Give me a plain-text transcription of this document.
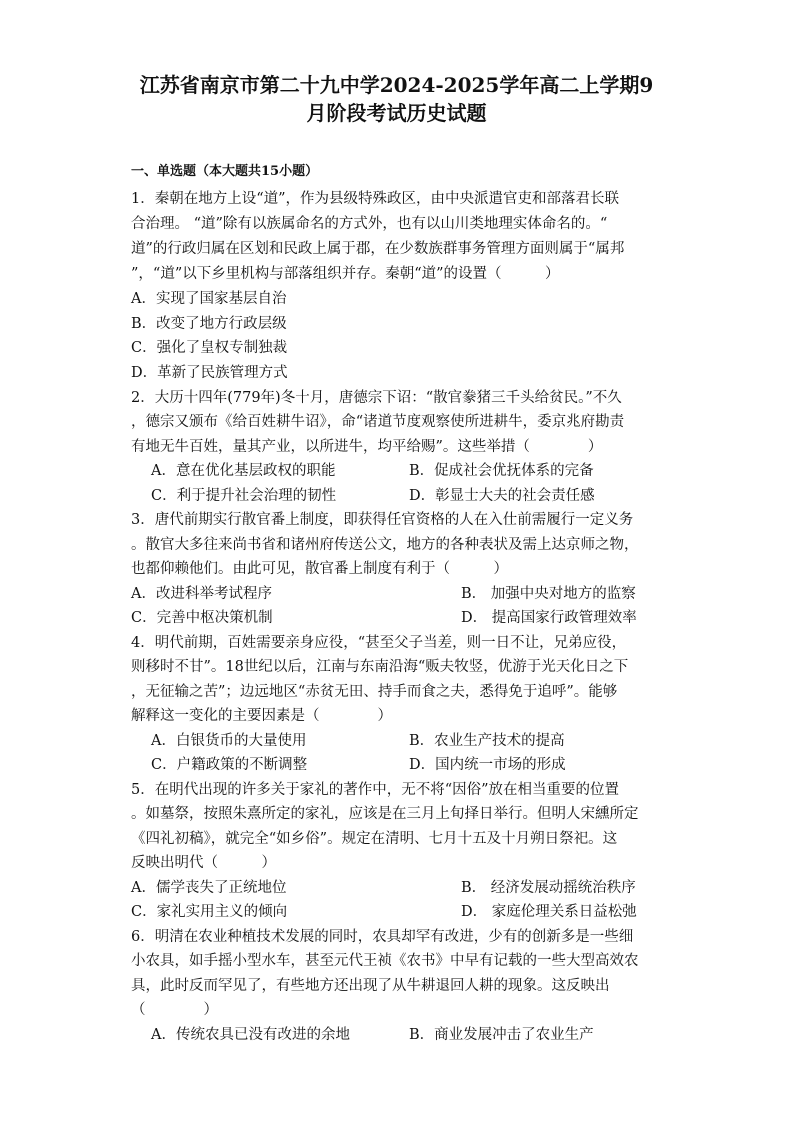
江苏省南京市第二十九中学2024-2025学年高二上学期9
月阶段考试历史试题
一、单选题（本大题共15小题）
1．秦朝在地方上设“道”，作为县级特殊政区，由中央派遣官吏和部落君长联
合治理。 “道”除有以族属命名的方式外，也有以山川类地理实体命名的。“
道”的行政归属在区划和民政上属于郡，在少数族群事务管理方面则属于“属邦
”，“道”以下乡里机构与部落组织并存。秦朝“道”的设置（　　　）
A．实现了国家基层自治
B．改变了地方行政层级
C．强化了皇权专制独裁
D．革新了民族管理方式
2．大历十四年(779年)冬十月，唐德宗下诏：“散官豢猪三千头给贫民。”不久
，德宗又颁布《给百姓耕牛诏》，命“诸道节度观察使所进耕牛，委京兆府勘责
有地无牛百姓，量其产业，以所进牛，均平给赐”。这些举措（　　　　）
A．意在优化基层政权的职能	B．促成社会优抚体系的完备
C．利于提升社会治理的韧性	D．彰显士大夫的社会责任感
3．唐代前期实行散官番上制度，即获得任官资格的人在入仕前需履行一定义务
。散官大多往来尚书省和诸州府传送公文，地方的各种表状及需上达京师之物，
也都仰赖他们。由此可见，散官番上制度有利于（　　　）
A．改进科举考试程序	B． 加强中央对地方的监察
C．完善中枢决策机制	D． 提高国家行政管理效率
4．明代前期，百姓需要亲身应役，“甚至父子当差，则一日不让，兄弟应役，
则移时不甘”。18世纪以后，江南与东南沿海“贩夫牧竖，优游于光天化日之下
，无征输之苦”；边远地区“赤贫无田、持手而食之夫，悉得免于追呼”。能够
解释这一变化的主要因素是（　　　　）
A．白银货币的大量使用	B．农业生产技术的提高
C．户籍政策的不断调整	D．国内统一市场的形成
5．在明代出现的许多关于家礼的著作中，无不将“因俗”放在相当重要的位置
。如墓祭，按照朱熹所定的家礼，应该是在三月上旬择日举行。但明人宋纁所定
《四礼初稿》，就完全“如乡俗”。规定在清明、七月十五及十月朔日祭祀。这
反映出明代（　　　）
A．儒学丧失了正统地位	B． 经济发展动摇统治秩序
C．家礼实用主义的倾向	D． 家庭伦理关系日益松弛
6．明清在农业种植技术发展的同时，农具却罕有改进，少有的创新多是一些细
小农具，如手摇小型水车，甚至元代王祯《农书》中早有记载的一些大型高效农
具，此时反而罕见了，有些地方还出现了从牛耕退回人耕的现象。这反映出
（　　　　）
A．传统农具已没有改进的余地	B．商业发展冲击了农业生产
